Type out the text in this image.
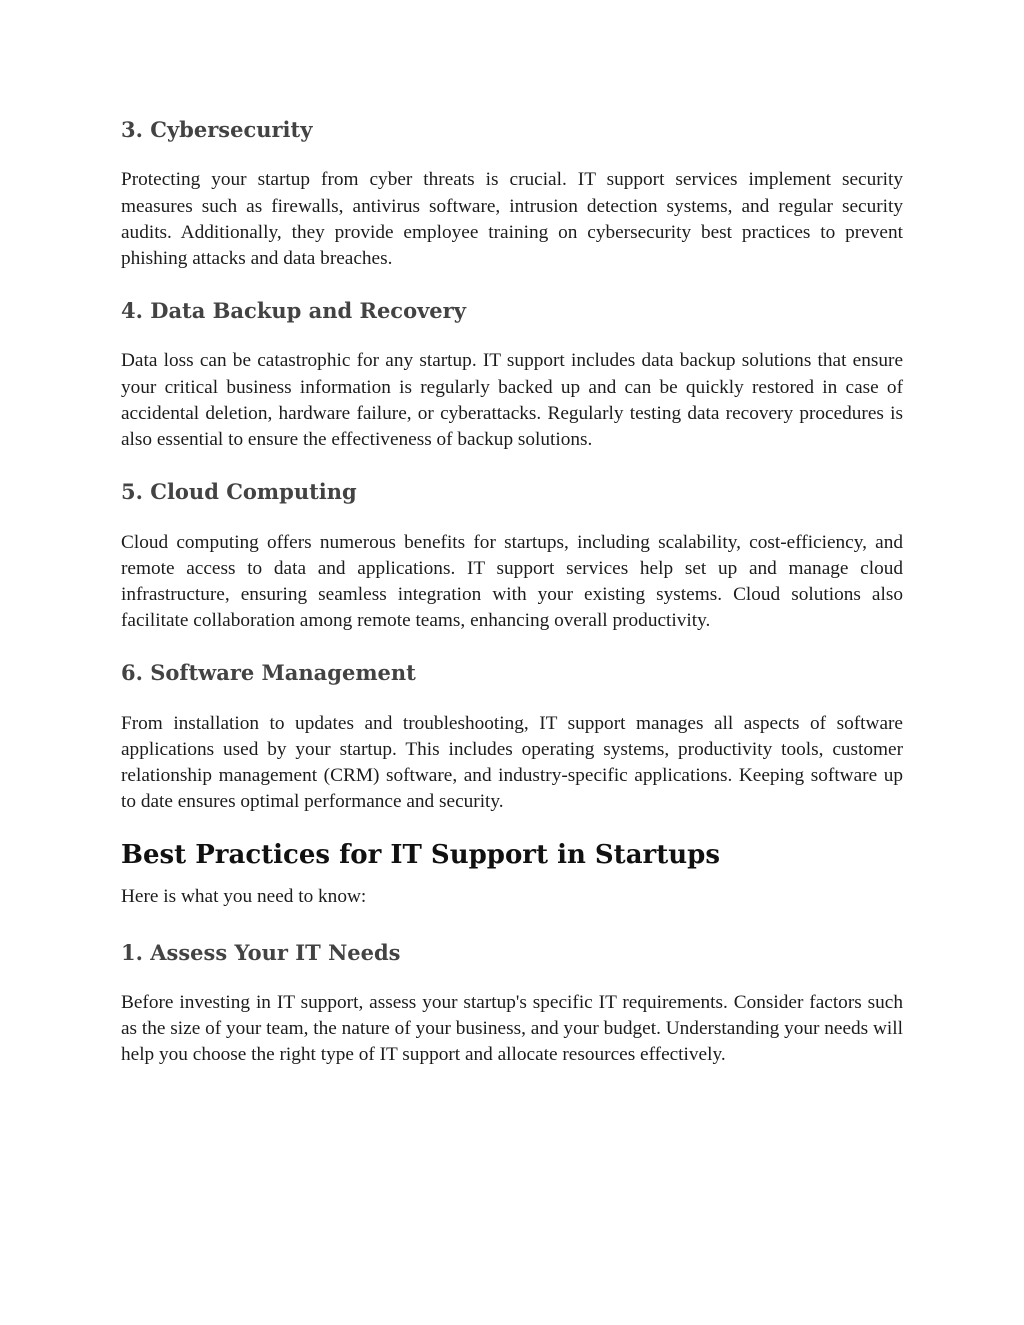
3. Cybersecurity

Protecting your startup from cyber threats is crucial. IT support services implement security measures such as firewalls, antivirus software, intrusion detection systems, and regular security audits. Additionally, they provide employee training on cybersecurity best practices to prevent phishing attacks and data breaches.

4. Data Backup and Recovery

Data loss can be catastrophic for any startup. IT support includes data backup solutions that ensure your critical business information is regularly backed up and can be quickly restored in case of accidental deletion, hardware failure, or cyberattacks. Regularly testing data recovery procedures is also essential to ensure the effectiveness of backup solutions.

5. Cloud Computing

Cloud computing offers numerous benefits for startups, including scalability, cost-efficiency, and remote access to data and applications. IT support services help set up and manage cloud infrastructure, ensuring seamless integration with your existing systems. Cloud solutions also facilitate collaboration among remote teams, enhancing overall productivity.

6. Software Management

From installation to updates and troubleshooting, IT support manages all aspects of software applications used by your startup. This includes operating systems, productivity tools, customer relationship management (CRM) software, and industry-specific applications. Keeping software up to date ensures optimal performance and security.

Best Practices for IT Support in Startups

Here is what you need to know:

1. Assess Your IT Needs

Before investing in IT support, assess your startup's specific IT requirements. Consider factors such as the size of your team, the nature of your business, and your budget. Understanding your needs will help you choose the right type of IT support and allocate resources effectively.
